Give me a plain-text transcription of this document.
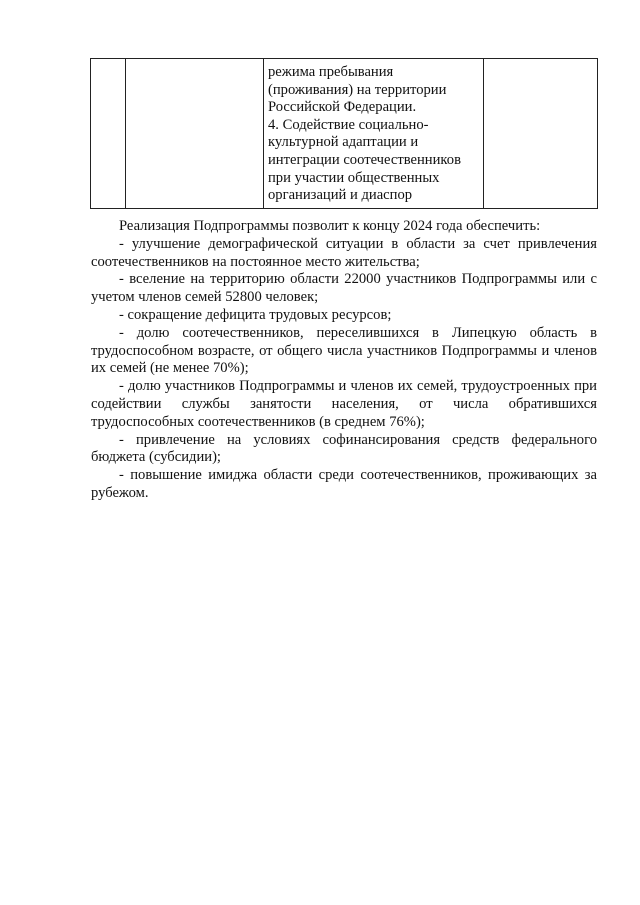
режима пребывания
(проживания) на территории
Российской Федерации.
4. Содействие социально-
культурной адаптации и
интеграции соотечественников
при участии общественных
организаций и диаспор

Реализация Подпрограммы позволит к концу 2024 года обеспечить:

- улучшение демографической ситуации в области за счет привлечения соотечественников на постоянное место жительства;

- вселение на территорию области 22000 участников Подпрограммы или с учетом членов семей 52800 человек;

- сокращение дефицита трудовых ресурсов;

- долю соотечественников, переселившихся в Липецкую область в трудоспособном возрасте, от общего числа участников Подпрограммы и членов их семей (не менее 70%);

- долю участников Подпрограммы и членов их семей, трудоустроенных при содействии службы занятости населения, от числа обратившихся трудоспособных соотечественников (в среднем 76%);

- привлечение на условиях софинансирования средств федерального бюджета (субсидии);

- повышение имиджа области среди соотечественников, проживающих за рубежом.
